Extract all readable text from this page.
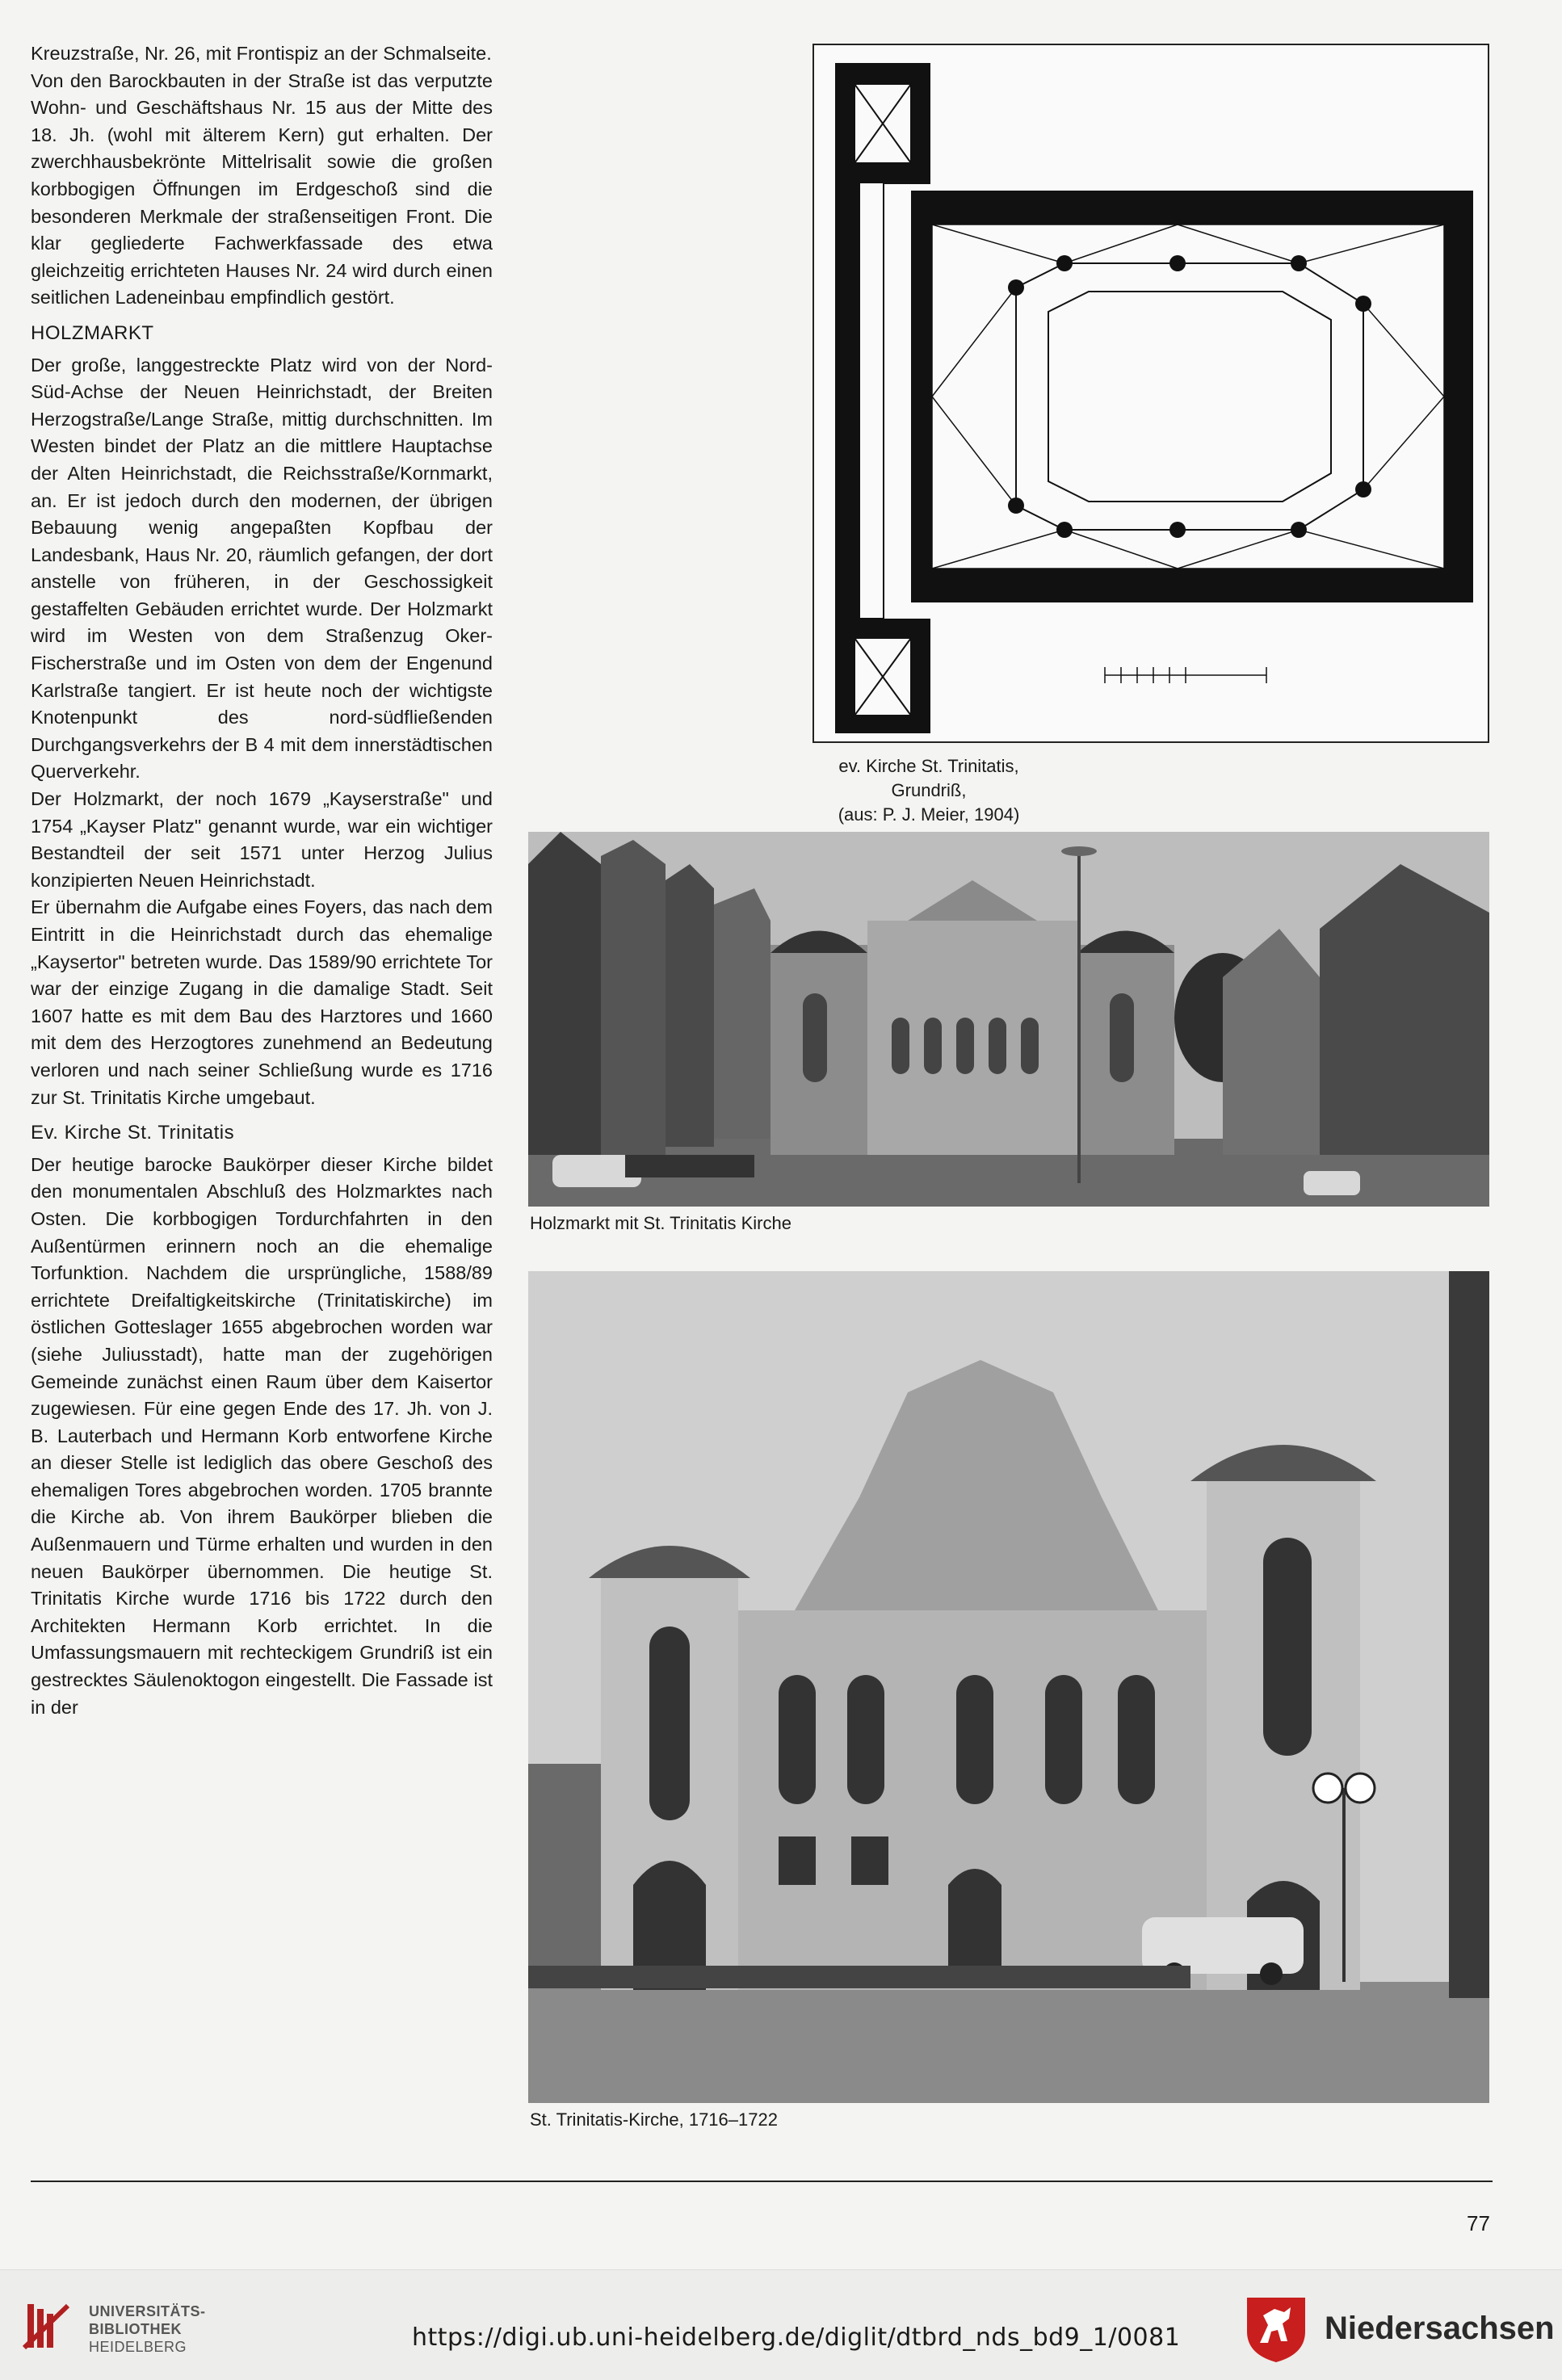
Kreuzstraße, Nr. 26, mit Frontispiz an der Schmalseite.

Von den Barockbauten in der Straße ist das verputzte Wohn- und Geschäftshaus Nr. 15 aus der Mitte des 18. Jh. (wohl mit älterem Kern) gut erhalten. Der zwerchhausbekrönte Mittelrisalit sowie die großen korbbogigen Öffnungen im Erdgeschoß sind die besonderen Merkmale der straßenseitigen Front. Die klar gegliederte Fachwerkfassade des etwa gleichzeitig errichteten Hauses Nr. 24 wird durch einen seitlichen Ladeneinbau empfindlich gestört.

HOLZMARKT

Der große, langgestreckte Platz wird von der Nord-Süd-Achse der Neuen Heinrichstadt, der Breiten Herzogstraße/Lange Straße, mittig durchschnitten. Im Westen bindet der Platz an die mittlere Hauptachse der Alten Heinrichstadt, die Reichsstraße/Kornmarkt, an. Er ist jedoch durch den modernen, der übrigen Bebauung wenig angepaßten Kopfbau der Landesbank, Haus Nr. 20, räumlich gefangen, der dort anstelle von früheren, in der Geschossigkeit gestaffelten Gebäuden errichtet wurde. Der Holzmarkt wird im Westen von dem Straßenzug Oker-Fischerstraße und im Osten von dem der Engenund Karlstraße tangiert. Er ist heute noch der wichtigste Knotenpunkt des nord-südfließenden Durchgangsverkehrs der B 4 mit dem innerstädtischen Querverkehr.

Der Holzmarkt, der noch 1679 „Kayserstraße" und 1754 „Kayser Platz" genannt wurde, war ein wichtiger Bestandteil der seit 1571 unter Herzog Julius konzipierten Neuen Heinrichstadt.

Er übernahm die Aufgabe eines Foyers, das nach dem Eintritt in die Heinrichstadt durch das ehemalige „Kaysertor" betreten wurde. Das 1589/90 errichtete Tor war der einzige Zugang in die damalige Stadt. Seit 1607 hatte es mit dem Bau des Harztores und 1660 mit dem des Herzogtores zunehmend an Bedeutung verloren und nach seiner Schließung wurde es 1716 zur St. Trinitatis Kirche umgebaut.

Ev. Kirche St. Trinitatis

Der heutige barocke Baukörper dieser Kirche bildet den monumentalen Abschluß des Holzmarktes nach Osten. Die korbbogigen Tordurchfahrten in den Außentürmen erinnern noch an die ehemalige Torfunktion. Nachdem die ursprüngliche, 1588/89 errichtete Dreifaltigkeitskirche (Trinitatiskirche) im östlichen Gotteslager 1655 abgebrochen worden war (siehe Juliusstadt), hatte man der zugehörigen Gemeinde zunächst einen Raum über dem Kaisertor zugewiesen. Für eine gegen Ende des 17. Jh. von J. B. Lauterbach und Hermann Korb entworfene Kirche an dieser Stelle ist lediglich das obere Geschoß des ehemaligen Tores abgebrochen worden. 1705 brannte die Kirche ab. Von ihrem Baukörper blieben die Außenmauern und Türme erhalten und wurden in den neuen Baukörper übernommen. Die heutige St. Trinitatis Kirche wurde 1716 bis 1722 durch den Architekten Hermann Korb errichtet. In die Umfassungsmauern mit rechteckigem Grundriß ist ein gestrecktes Säulenoktogon eingestellt. Die Fassade ist in der

ev. Kirche St. Trinitatis, Grundriß,
(aus: P. J. Meier, 1904)
Holzmarkt mit St. Trinitatis Kirche
St. Trinitatis-Kirche, 1716–1722
77
UNIVERSITÄTS-
BIBLIOTHEK
HEIDELBERG	https://digi.ub.uni-heidelberg.de/diglit/dtbrd_nds_bd9_1/0081	Niedersachsen
